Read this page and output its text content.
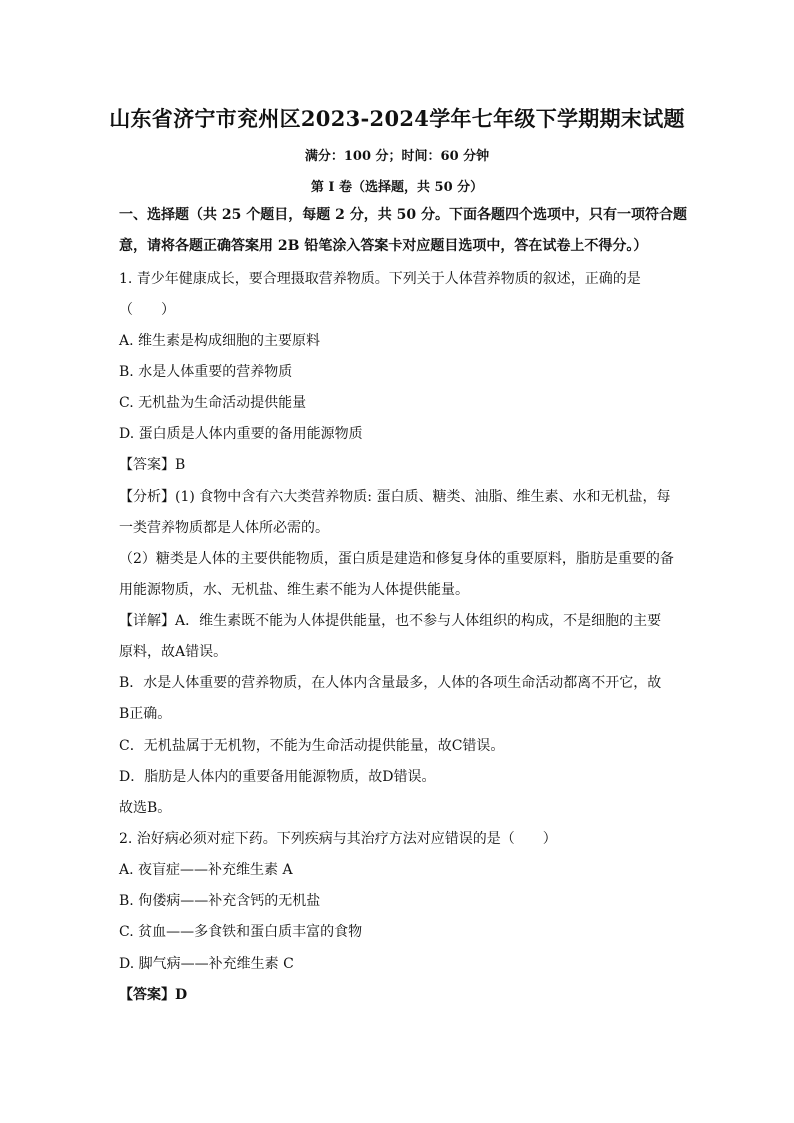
山东省济宁市兖州区2023-2024学年七年级下学期期末试题
满分：100 分；时间：60 分钟
第 I 卷（选择题，共 50 分）
一、选择题（共 25 个题目，每题 2 分，共 50 分。下面各题四个选项中，只有一项符合题
意，请将各题正确答案用 2B 铅笔涂入答案卡对应题目选项中，答在试卷上不得分。）
1. 青少年健康成长，要合理摄取营养物质。下列关于人体营养物质的叙述，正确的是
（　　）
A. 维生素是构成细胞的主要原料
B. 水是人体重要的营养物质
C. 无机盐为生命活动提供能量
D. 蛋白质是人体内重要的备用能源物质
【答案】B
【分析】(1) 食物中含有六大类营养物质: 蛋白质、糖类、油脂、维生素、水和无机盐，每
一类营养物质都是人体所必需的。
（2）糖类是人体的主要供能物质，蛋白质是建造和修复身体的重要原料，脂肪是重要的备
用能源物质，水、无机盐、维生素不能为人体提供能量。
【详解】A．维生素既不能为人体提供能量，也不参与人体组织的构成，不是细胞的主要
原料，故A错误。
B．水是人体重要的营养物质，在人体内含量最多，人体的各项生命活动都离不开它，故
B正确。
C．无机盐属于无机物，不能为生命活动提供能量，故C错误。
D．脂肪是人体内的重要备用能源物质，故D错误。
故选B。
2. 治好病必须对症下药。下列疾病与其治疗方法对应错误的是（　　）
A. 夜盲症——补充维生素 A
B. 佝偻病——补充含钙的无机盐
C. 贫血——多食铁和蛋白质丰富的食物
D. 脚气病——补充维生素 C
【答案】D
